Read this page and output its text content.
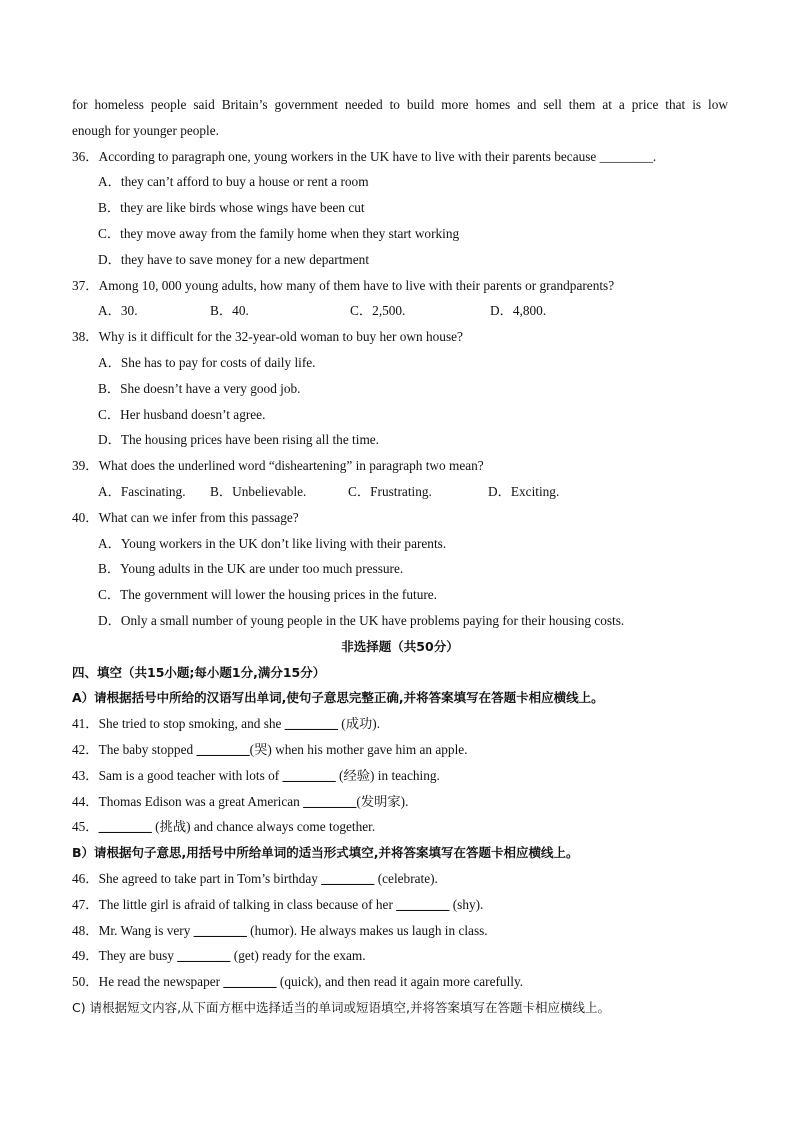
for homeless people said Britain’s government needed to build more homes and sell them at a price that is low
enough for younger people.
36．According to paragraph one, young workers in the UK have to live with their parents because ________.
A．they can’t afford to buy a house or rent a room
B．they are like birds whose wings have been cut
C．they move away from the family home when they start working
D．they have to save money for a new department
37．Among 10, 000 young adults, how many of them have to live with their parents or grandparents?
A．30.	B．40.	C．2,500.	D．4,800.
38．Why is it difficult for the 32-year-old woman to buy her own house?
A．She has to pay for costs of daily life.
B．She doesn’t have a very good job.
C．Her husband doesn’t agree.
D．The housing prices have been rising all the time.
39．What does the underlined word “disheartening” in paragraph two mean?
A．Fascinating.	B．Unbelievable.	C．Frustrating.	D．Exciting.
40．What can we infer from this passage?
A．Young workers in the UK don’t like living with their parents.
B．Young adults in the UK are under too much pressure.
C．The government will lower the housing prices in the future.
D．Only a small number of young people in the UK have problems paying for their housing costs.
非选择题（共50分）
四、填空（共15小题;每小题1分,满分15分）
A）请根据括号中所给的汉语写出单词,使句子意思完整正确,并将答案填写在答题卡相应横线上。
41．She tried to stop smoking, and she ________ (成功).
42．The baby stopped ________(哭) when his mother gave him an apple.
43．Sam is a good teacher with lots of ________ (经验) in teaching.
44．Thomas Edison was a great American ________(发明家).
45．________ (挑战) and chance always come together.
B）请根据句子意思,用括号中所给单词的适当形式填空,并将答案填写在答题卡相应横线上。
46．She agreed to take part in Tom’s birthday ________ (celebrate).
47．The little girl is afraid of talking in class because of her ________ (shy).
48．Mr. Wang is very ________ (humor). He always makes us laugh in class.
49．They are busy ________ (get) ready for the exam.
50．He read the newspaper ________ (quick), and then read it again more carefully.
C) 请根据短文内容,从下面方框中选择适当的单词或短语填空,并将答案填写在答题卡相应横线上。
